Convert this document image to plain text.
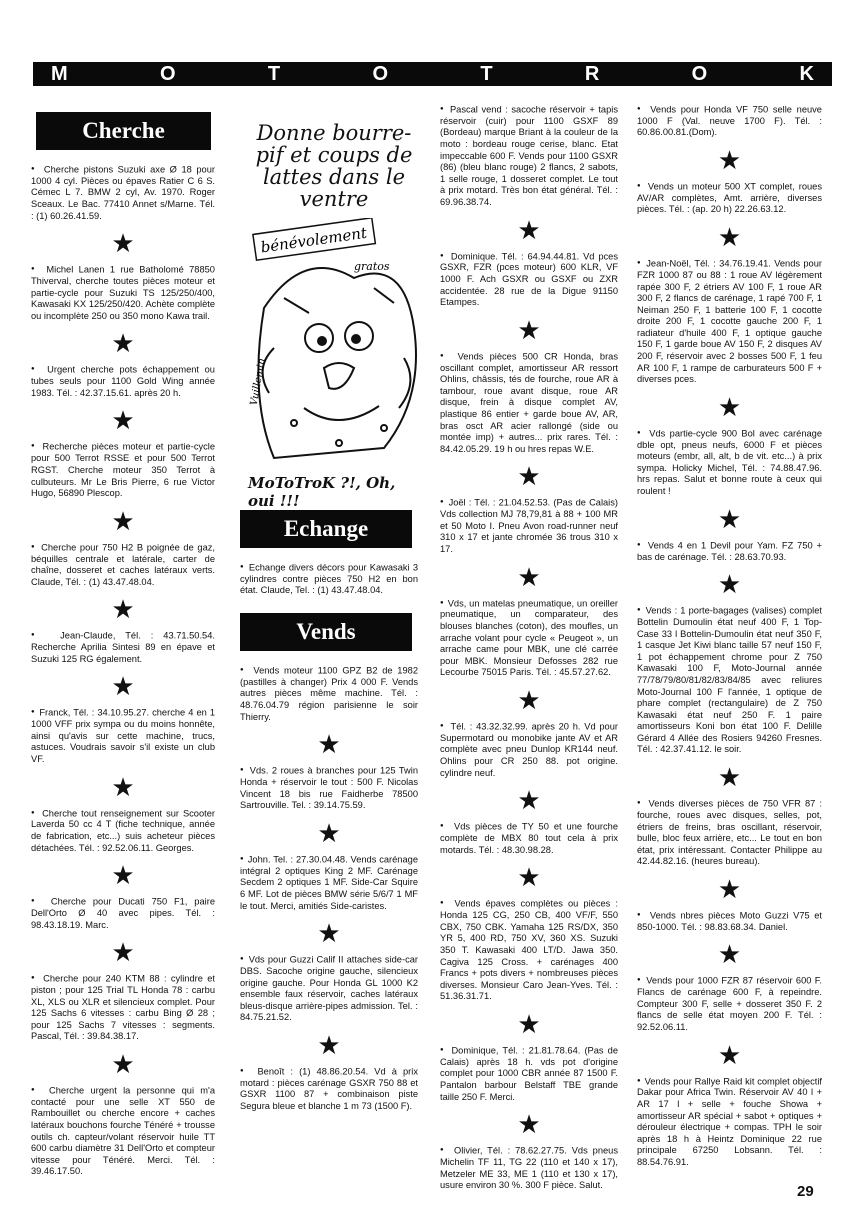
M	O	T	O	T	R	O	K
Cherche

●  Cherche pistons Suzuki axe Ø 18 pour 1000 4 cyl. Pièces ou épaves Ratier C 6 S. Cémec L 7. BMW 2 cyl, Av. 1970. Roger Sceaux. Le Bac. 77410 Annet s/Marne. Tél. : (1) 60.26.41.59.

★

●  Michel Lanen 1 rue Batholomé 78850 Thiverval, cherche toutes pièces moteur et partie-cycle pour Suzuki TS 125/250/400, Kawasaki KX 125/250/420. Achète complète ou incomplète 250 ou 350 mono Kawa trail.

★

●  Urgent cherche pots échappement ou tubes seuls pour 1100 Gold Wing année 1983. Tél. : 42.37.15.61. après 20 h.

★

●  Recherche pièces moteur et partie-cycle pour 500 Terrot RSSE et pour 500 Terrot RGST. Cherche moteur 350 Terrot à culbuteurs. Mr Le Bris Pierre, 6 rue Victor Hugo, 56890 Plescop.

★

●  Cherche pour 750 H2 B poignée de gaz, béquilles centrale et latérale, carter de chaîne, dosseret et caches latéraux verts. Claude, Tél. : (1) 43.47.48.04.

★

●  Jean-Claude, Tél. : 43.71.50.54. Recherche Aprilia Sintesi 89 en épave et Suzuki 125 RG également.

★

●  Franck, Tél. : 34.10.95.27. cherche 4 en 1 1000 VFF prix sympa ou du moins honnête, ainsi qu'avis sur cette machine, trucs, astuces. Voudrais savoir s'il existe un club VF.

★

●  Cherche tout renseignement sur Scooter Laverda 50 cc 4 T (fiche technique, année de fabrication, etc...) suis acheteur pièces détachées. Tél. : 92.52.06.11. Georges.

★

●  Cherche pour Ducati 750 F1, paire Dell'Orto Ø 40 avec pipes. Tél. : 98.43.18.19. Marc.

★

●  Cherche pour 240 KTM 88 : cylindre et piston ; pour 125 Trial TL Honda 78 : carbu XL, XLS ou XLR et silencieux complet. Pour 125 Sachs 6 vitesses : carbu Bing Ø 28 ; pour 125 Sachs 7 vitesses : segments. Pascal, Tél. : 39.84.38.17.

★

●  Cherche urgent la personne qui m'a contacté pour une selle XT 550 de Rambouillet ou cherche encore + caches latéraux bouchons fourche Ténéré + trousse outils ch. capteur/volant réservoir huile TT 600 carbu diamètre 31 Dell'Orto et compteur vitesse pour Ténéré. Merci. Tél. : 39.46.17.50.

Donne bourre-pif et coups de lattes dans le ventre
bénévolement
gratos
Vuillemin
MoToTroK ?!, Oh, oui !!!
Echange

●  Echange divers décors pour Kawasaki 3 cylindres contre pièces 750 H2 en bon état. Claude, Tel. : (1) 43.47.48.04.

Vends

●  Vends moteur 1100 GPZ B2 de 1982 (pastilles à changer) Prix 4 000 F. Vends autres pièces même machine. Tél. : 48.76.04.79 région parisienne le soir Thierry.

★

●  Vds. 2 roues à branches pour 125 Twin Honda + réservoir le tout : 500 F. Nicolas Vincent 18 bis rue Faidherbe 78500 Sartrouville. Tel. : 39.14.75.59.

★

●  John. Tel. : 27.30.04.48. Vends carénage intégral 2 optiques King 2 MF. Carénage Secdem 2 optiques 1 MF. Side-Car Squire 6 MF. Lot de pièces BMW série 5/6/7 1 MF le tout. Merci, amitiés Side-caristes.

★

●  Vds pour Guzzi Calif II attaches side-car DBS. Sacoche origine gauche, silencieux origine gauche. Pour Honda GL 1000 K2 ensemble faux réservoir, caches latéraux bleus-disque arrière-pipes admission. Tel. : 84.75.21.52.

★

●  Benoît : (1) 48.86.20.54. Vd à prix motard : pièces carénage GSXR 750 88 et GSXR 1100 87 + combinaison piste Segura bleue et blanche 1 m 73 (1500 F).

●  Pascal vend : sacoche réservoir + tapis réservoir (cuir) pour 1100 GSXF 89 (Bordeau) marque Briant à la couleur de la moto : bordeau rouge cerise, blanc. Etat impeccable 600 F. Vends pour 1100 GSXR (86) (bleu blanc rouge) 2 flancs, 2 sabots, 1 selle rouge, 1 dosseret complet. Le tout à prix motard. Très bon état général. Tél. : 69.96.38.74.

★

●  Dominique. Tél. : 64.94.44.81. Vd pces GSXR, FZR (pces moteur) 600 KLR, VF 1000 F. Ach GSXR ou GSXF ou ZXR accidentée. 28 rue de la Digue 91150 Etampes.

★

●  Vends pièces 500 CR Honda, bras oscillant complet, amortisseur AR ressort Ohlins, châssis, tés de fourche, roue AR à tambour, roue avant disque, roue AR disque, frein à disque complet AV, plastique 86 entier + garde boue AV, AR, bras osct AR acier rallongé (side ou montée imp) + autres... prix rares. Tél. : 84.42.05.29. 19 h ou hres repas W.E.

★

●  Joël : Tél. : 21.04.52.53. (Pas de Calais) Vds collection MJ 78,79,81 à 88 + 100 MR et 50 Moto I. Pneu Avon road-runner neuf 310 x 17 et jante chromée 36 trous 310 x 17.

★

●  Vds, un matelas pneumatique, un oreiller pneumatique, un comparateur, des blouses blanches (coton), des moufles, un arrache volant pour cycle « Peugeot », un arrache came pour MBK, une clé carrée pour MBK. Monsieur Defosses 282 rue Lecourbe 75015 Paris. Tél. : 45.57.27.62.

★

●  Tél. : 43.32.32.99. après 20 h. Vd pour Supermotard ou monobike jante AV et AR complète avec pneu Dunlop KR144 neuf. Ohlins pour CR 250 88. pot origine. cylindre neuf.

★

●  Vds pièces de TY 50 et une fourche complète de MBX 80 tout cela à prix motards. Tél. : 48.30.98.28.

★

●  Vends épaves complètes ou pièces : Honda 125 CG, 250 CB, 400 VF/F, 550 CBX, 750 CBK. Yamaha 125 RS/DX, 350 YR 5, 400 RD, 750 XV, 360 XS. Suzuki 350 T. Kawasaki 400 LT/D. Jawa 350. Cagiva 125 Cross. + carénages 400 Francs + pots divers + nombreuses pièces diverses. Monsieur Caro Jean-Yves. Tél. : 51.36.31.71.

★

●  Dominique, Tél. : 21.81.78.64. (Pas de Calais) après 18 h. vds pot d'origine complet pour 1000 CBR année 87 1500 F. Pantalon barbour Belstaff TBE grande taille 250 F. Merci.

★

●  Olivier, Tél. : 78.62.27.75. Vds pneus Michelin TF 11, TG 22 (110 et 140 x 17), Metzeler ME 33, ME 1 (110 et 130 x 17), usure environ 30 %. 300 F pièce. Salut.

●  Vends pour Honda VF 750 selle neuve 1000 F (Val. neuve 1700 F). Tél. : 60.86.00.81.(Dom).

★

●  Vends un moteur 500 XT complet, roues AV/AR complètes, Amt. arrière, diverses pièces. Tél. : (ap. 20 h) 22.26.63.12.

★

●  Jean-Noël, Tél. : 34.76.19.41. Vends pour FZR 1000 87 ou 88 : 1 roue AV légèrement rapée 300 F, 2 étriers AV 100 F, 1 roue AR 300 F, 2 flancs de carénage, 1 rapé 700 F, 1 Neiman 250 F, 1 batterie 100 F, 1 cocotte droite 200 F, 1 cocotte gauche 200 F, 1 radiateur d'huile 400 F, 1 optique gauche 150 F, 1 garde boue AV 150 F, 2 disques AV 200 F, réservoir avec 2 bosses 500 F, 1 feu AR 100 F, 1 rampe de carburateurs 500 F + diverses pces.

★

●  Vds partie-cycle 900 Bol avec carénage dble opt, pneus neufs, 6000 F et pièces moteurs (embr, all, alt, b de vit. etc...) à prix sympa. Holicky Michel, Tél. : 74.88.47.96. hrs repas. Salut et bonne route à ceux qui roulent !

★

●  Vends 4 en 1 Devil pour Yam. FZ 750 + bas de carénage. Tél. : 28.63.70.93.

★

●  Vends : 1 porte-bagages (valises) complet Bottelin Dumoulin état neuf 400 F, 1 Top-Case 33 l Bottelin-Dumoulin état neuf 350 F, 1 casque Jet Kiwi blanc taille 57 neuf 150 F, 1 pot échappement chrome pour Z 750 Kawasaki 100 F, Moto-Journal année 77/78/79/80/81/82/83/84/85 avec reliures Moto-Journal 100 F l'année, 1 optique de phare complet (rectangulaire) de Z 750 Kawasaki état neuf 250 F. 1 paire amortisseurs Koni bon état 100 F. Delille Gérard 4 Allée des Rosiers 94260 Fresnes. Tél. : 42.37.41.12. le soir.

★

●  Vends diverses pièces de 750 VFR 87 : fourche, roues avec disques, selles, pot, étriers de freins, bras oscillant, réservoir, bulle, bloc feux arrière, etc... Le tout en bon état, prix intéressant. Contacter Philippe au 42.44.82.16. (heures bureau).

★

●  Vends nbres pièces Moto Guzzi V75 et 850-1000. Tél. : 98.83.68.34. Daniel.

★

●  Vends pour 1000 FZR 87 réservoir 600 F. Flancs de carénage 600 F, à repeindre. Compteur 300 F, selle + dosseret 350 F. 2 flancs de selle état moyen 200 F. Tél. : 92.52.06.11.

★

●  Vends pour Rallye Raid kit complet objectif Dakar pour Africa Twin. Réservoir AV 40 l + AR 17 l + selle + fouche Showa + amortisseur AR spécial + sabot + optiques + dérouleur électrique + compas. TPH le soir après 18 h à Heintz Dominique 22 rue principale 67250 Lobsann. Tél. : 88.54.76.91.

29
